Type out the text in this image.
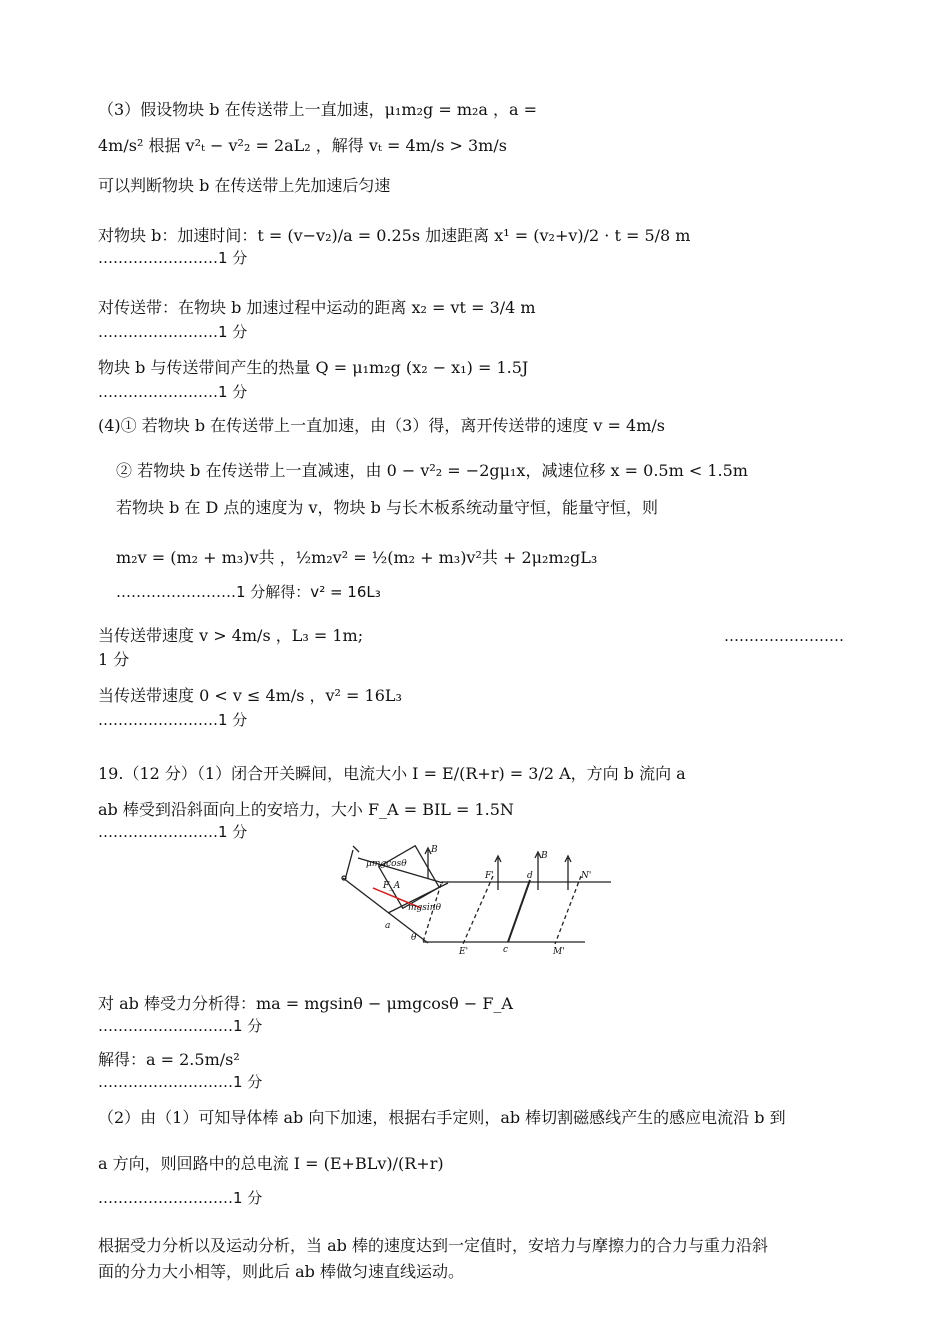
（3）假设物块 b 在传送带上一直加速，μ₁m₂g = m₂a ，a =
4m/s² 根据 v²ₜ − v²₂ = 2aL₂ ，解得 vₜ = 4m/s > 3m/s
可以判断物块 b 在传送带上先加速后匀速
对物块 b：加速时间：t = (v−v₂)/a = 0.25s 加速距离 x¹ = (v₂+v)/2 · t = 5/8 m
……………………1 分
对传送带：在物块 b 加速过程中运动的距离 x₂ = vt = 3/4 m
……………………1 分
物块 b 与传送带间产生的热量 Q = μ₁m₂g (x₂ − x₁) = 1.5J
……………………1 分
(4)① 若物块 b 在传送带上一直加速，由（3）得，离开传送带的速度 v = 4m/s
② 若物块 b 在传送带上一直减速，由 0 − v²₂ = −2gμ₁x，减速位移 x = 0.5m < 1.5m
若物块 b 在 D 点的速度为 v，物块 b 与长木板系统动量守恒，能量守恒，则
m₂v = (m₂ + m₃)v共 ，½m₂v² = ½(m₂ + m₃)v²共 + 2μ₂m₂gL₃
……………………1 分解得：v² = 16L₃
当传送带速度 v > 4m/s ，L₃ = 1m;	……………………
1 分
当传送带速度 0 < v ≤ 4m/s ，v² = 16L₃
……………………1 分
19.（12 分）（1）闭合开关瞬间，电流大小 I = E/(R+r) = 3/2 A，方向 b 流向 a
ab 棒受到沿斜面向上的安培力，大小 F_A = BIL = 1.5N
……………………1 分
B
B
μmgcosθ
F_A
mgsinθ
a
θ
F'	d	N'
E'	c	M'
对 ab 棒受力分析得：ma = mgsinθ − μmgcosθ − F_A
………………………1 分
解得：a = 2.5m/s²
………………………1 分
（2）由（1）可知导体棒 ab 向下加速，根据右手定则，ab 棒切割磁感线产生的感应电流沿 b 到
a 方向，则回路中的总电流 I = (E+BLv)/(R+r)
………………………1 分
根据受力分析以及运动分析，当 ab 棒的速度达到一定值时，安培力与摩擦力的合力与重力沿斜
面的分力大小相等，则此后 ab 棒做匀速直线运动。
